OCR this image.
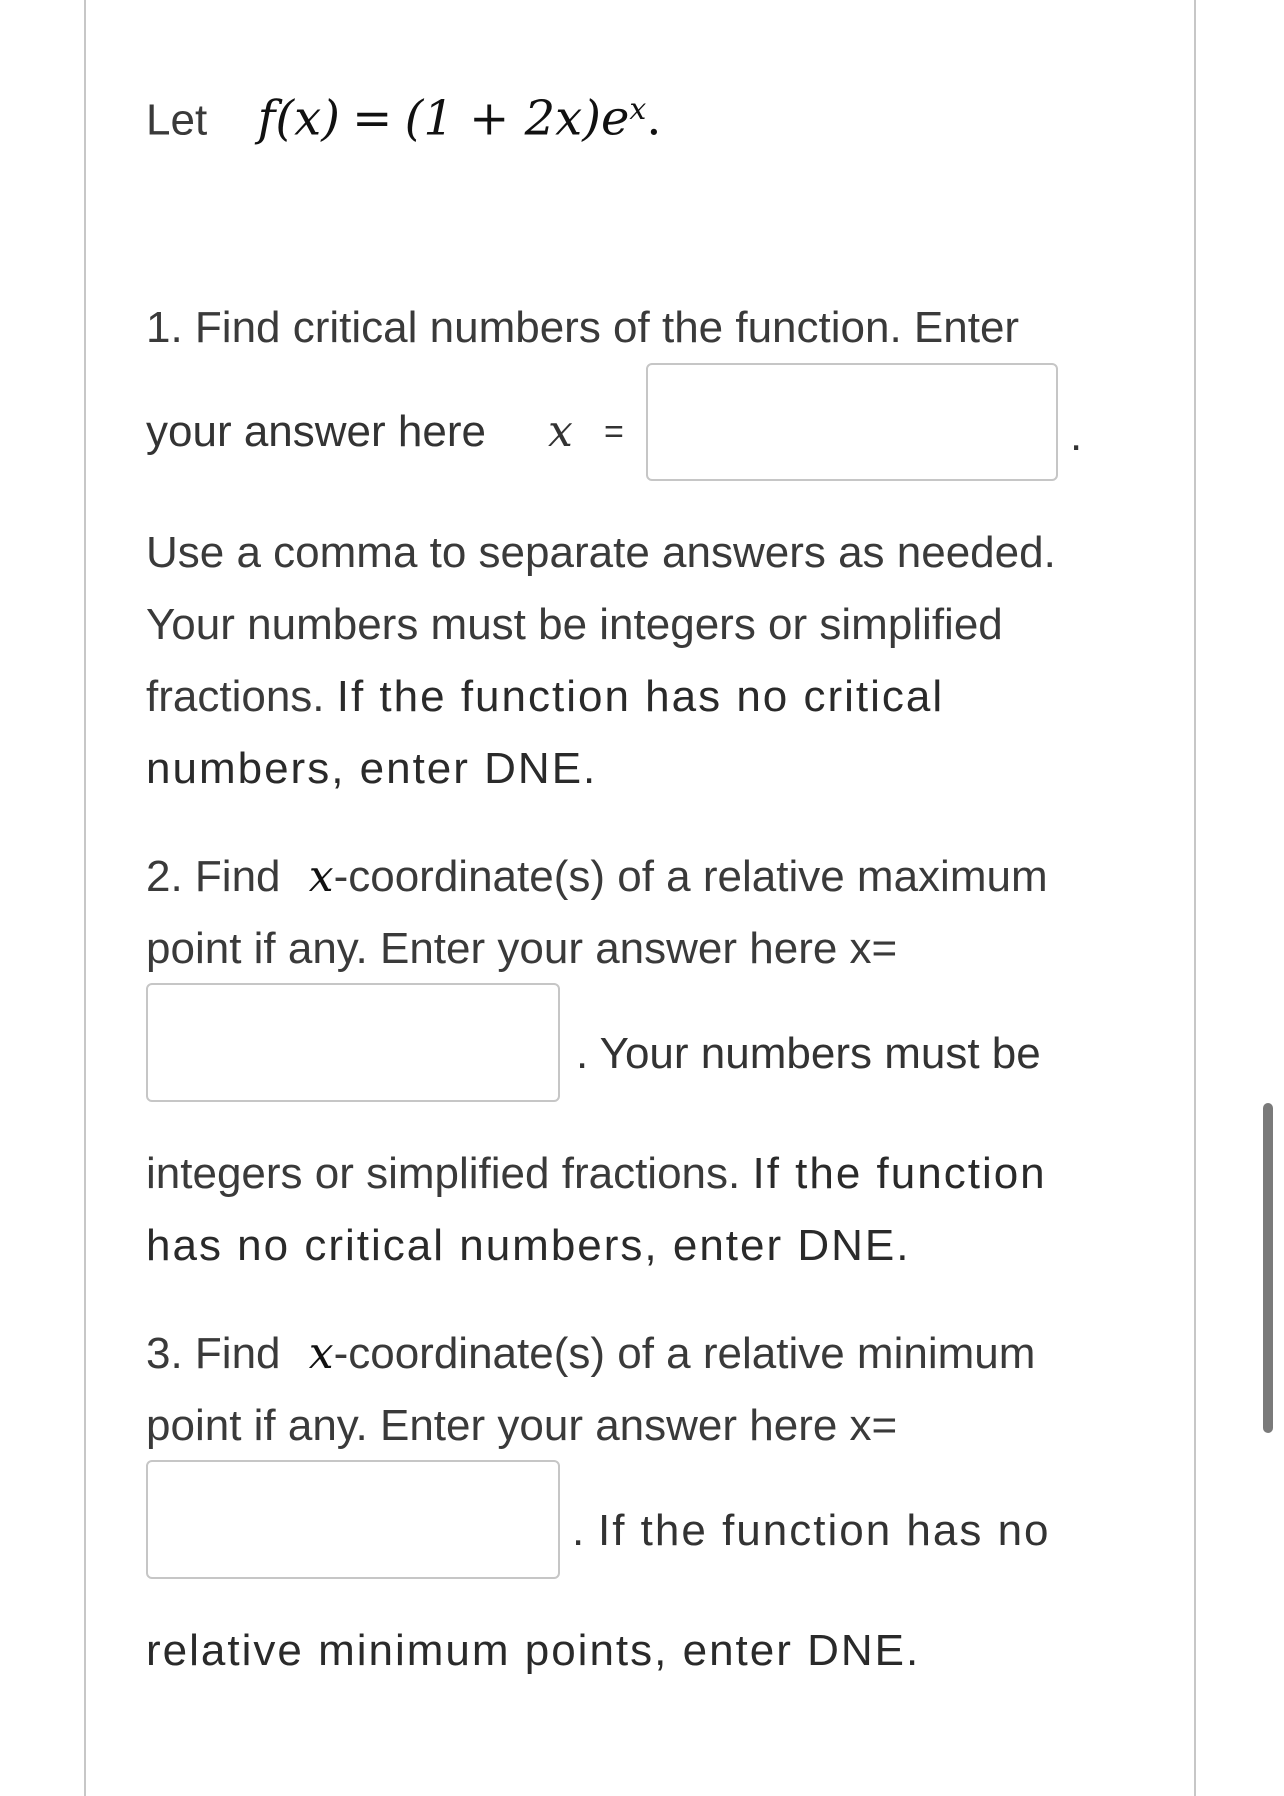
Let $f(x) = (1 + 2x)e^x$.
1. Find critical numbers of the function. Enter
your answer here x =	.
Use a comma to separate answers as needed.
Your numbers must be integers or simplified
fractions. If the function has no critical
numbers, enter DNE.
2. Find x-coordinate(s) of a relative maximum
point if any. Enter your answer here x=
. Your numbers must be
integers or simplified fractions. If the function
has no critical numbers, enter DNE.
3. Find x-coordinate(s) of a relative minimum
point if any. Enter your answer here x=
. If the function has no
relative minimum points, enter DNE.
